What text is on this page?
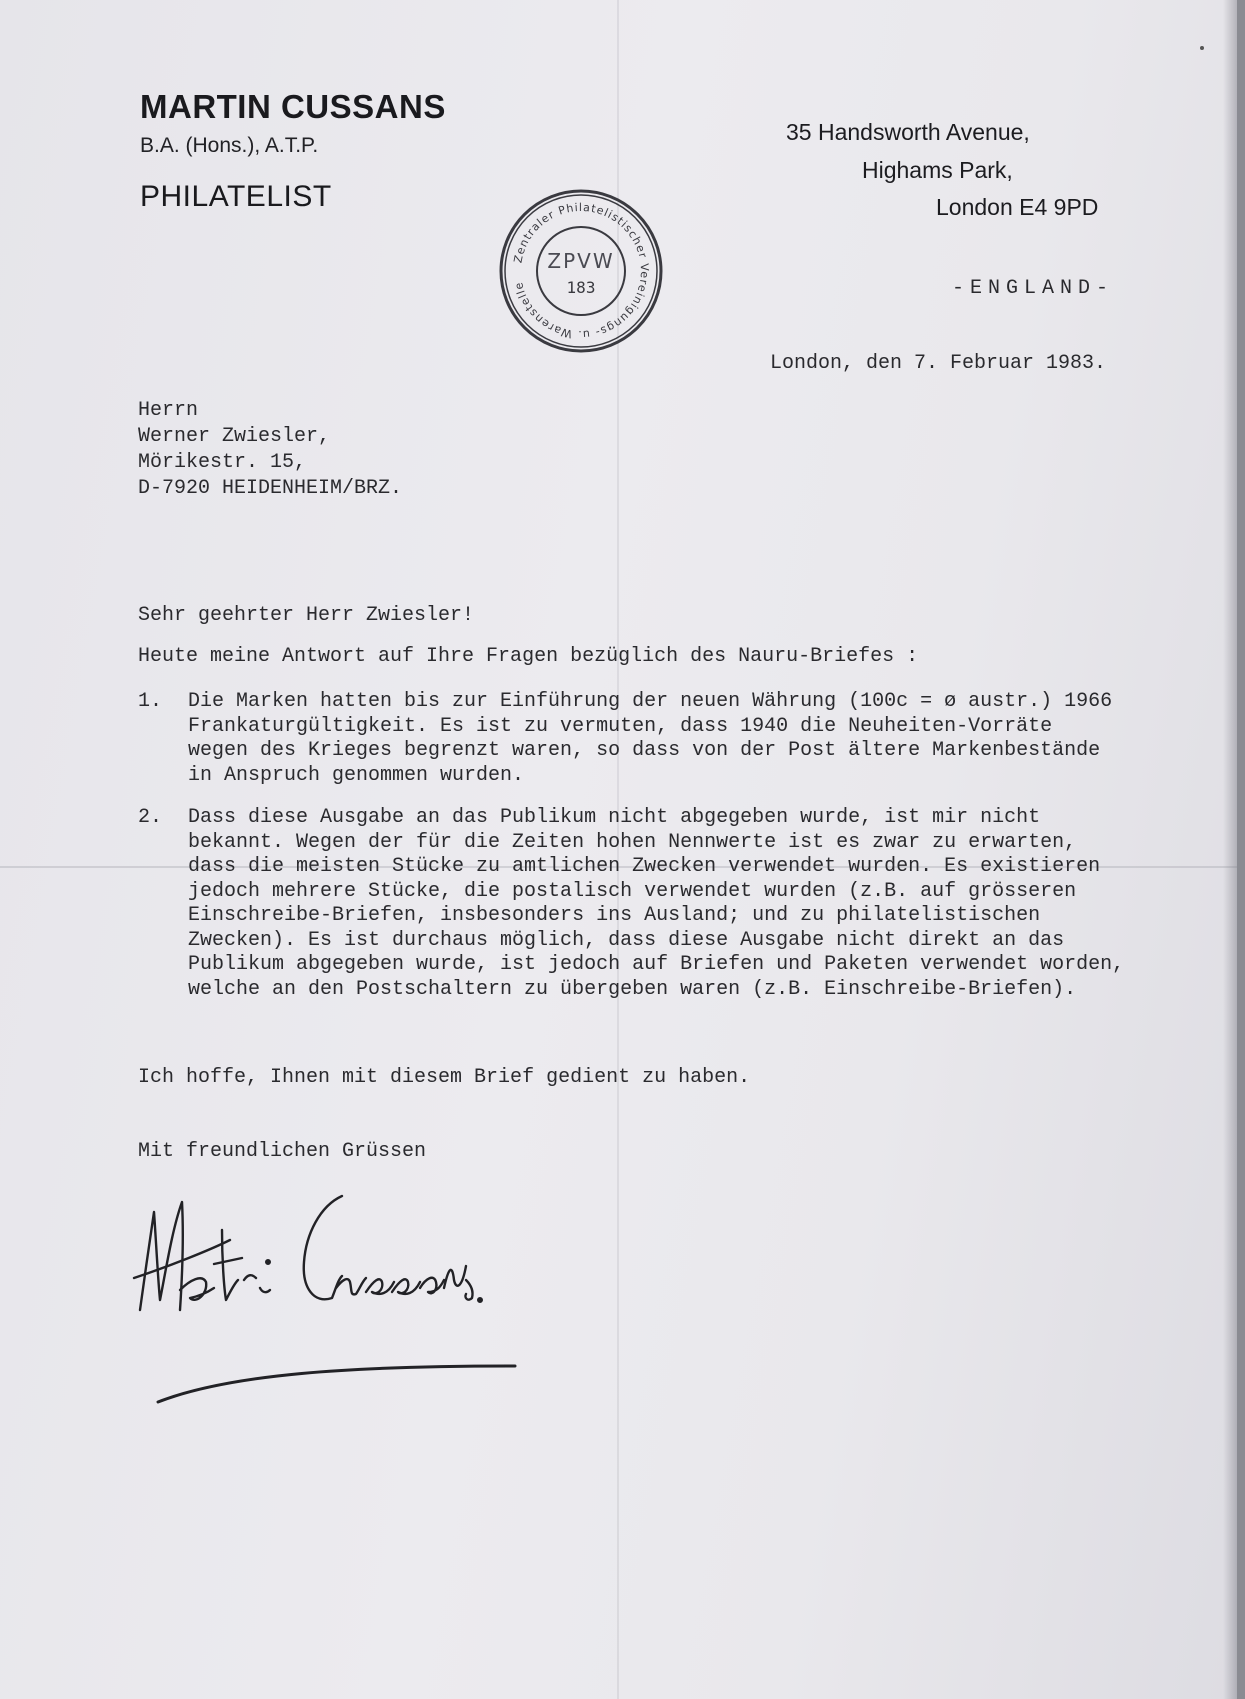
MARTIN CUSSANS
B.A. (Hons.), A.T.P.
PHILATELIST
35 Handsworth Avenue,
Highams Park,
London E4 9PD
-ENGLAND-
Zentraler Philatelistischer Vereinigungs- u. Warenstelle
ZPVW
183
London, den 7. Februar 1983.
Herrn
Werner Zwiesler,
Mörikestr. 15,
D-7920 HEIDENHEIM/BRZ.
Sehr geehrter Herr Zwiesler!
Heute meine Antwort auf Ihre Fragen bezüglich des Nauru-Briefes :
1. Die Marken hatten bis zur Einführung der neuen Währung (100c = ø austr.) 1966
Frankaturgültigkeit. Es ist zu vermuten, dass 1940 die Neuheiten-Vorräte
wegen des Krieges begrenzt waren, so dass von der Post ältere Markenbestände
in Anspruch genommen wurden.
2. Dass diese Ausgabe an das Publikum nicht abgegeben wurde, ist mir nicht
bekannt. Wegen der für die Zeiten hohen Nennwerte ist es zwar zu erwarten,
dass die meisten Stücke zu amtlichen Zwecken verwendet wurden. Es existieren
jedoch mehrere Stücke, die postalisch verwendet wurden (z.B. auf grösseren
Einschreibe-Briefen, insbesonders ins Ausland; und zu philatelistischen
Zwecken). Es ist durchaus möglich, dass diese Ausgabe nicht direkt an das
Publikum abgegeben wurde, ist jedoch auf Briefen und Paketen verwendet worden,
welche an den Postschaltern zu übergeben waren (z.B. Einschreibe-Briefen).
Ich hoffe, Ihnen mit diesem Brief gedient zu haben.
Mit freundlichen Grüssen
